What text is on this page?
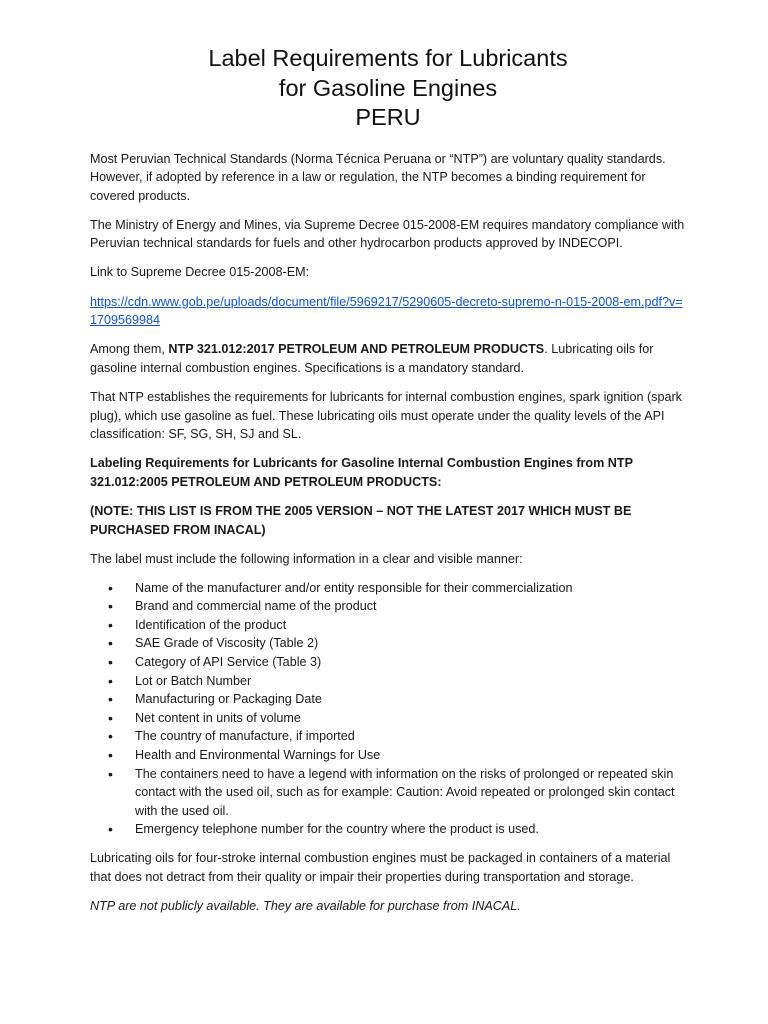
Label Requirements for Lubricants
for Gasoline Engines
PERU

Most Peruvian Technical Standards (Norma Técnica Peruana or “NTP”) are voluntary quality standards. However, if adopted by reference in a law or regulation, the NTP becomes a binding requirement for covered products.

The Ministry of Energy and Mines, via Supreme Decree 015-2008-EM requires mandatory compliance with Peruvian technical standards for fuels and other hydrocarbon products approved by INDECOPI.

Link to Supreme Decree 015-2008-EM:

https://cdn.www.gob.pe/uploads/document/file/5969217/5290605-decreto-supremo-n-015-2008-em.pdf?v=1709569984

Among them, NTP 321.012:2017 PETROLEUM AND PETROLEUM PRODUCTS. Lubricating oils for gasoline internal combustion engines. Specifications is a mandatory standard.

That NTP establishes the requirements for lubricants for internal combustion engines, spark ignition (spark plug), which use gasoline as fuel. These lubricating oils must operate under the quality levels of the API classification: SF, SG, SH, SJ and SL.

Labeling Requirements for Lubricants for Gasoline Internal Combustion Engines from NTP 321.012:2005 PETROLEUM AND PETROLEUM PRODUCTS:

(NOTE: THIS LIST IS FROM THE 2005 VERSION – NOT THE LATEST 2017 WHICH MUST BE PURCHASED FROM INACAL)

The label must include the following information in a clear and visible manner:

• Name of the manufacturer and/or entity responsible for their commercialization
• Brand and commercial name of the product
• Identification of the product
• SAE Grade of Viscosity (Table 2)
• Category of API Service (Table 3)
• Lot or Batch Number
• Manufacturing or Packaging Date
• Net content in units of volume
• The country of manufacture, if imported
• Health and Environmental Warnings for Use
• The containers need to have a legend with information on the risks of prolonged or repeated skin contact with the used oil, such as for example: Caution: Avoid repeated or prolonged skin contact with the used oil.
• Emergency telephone number for the country where the product is used.

Lubricating oils for four-stroke internal combustion engines must be packaged in containers of a material that does not detract from their quality or impair their properties during transportation and storage.

NTP are not publicly available. They are available for purchase from INACAL.
